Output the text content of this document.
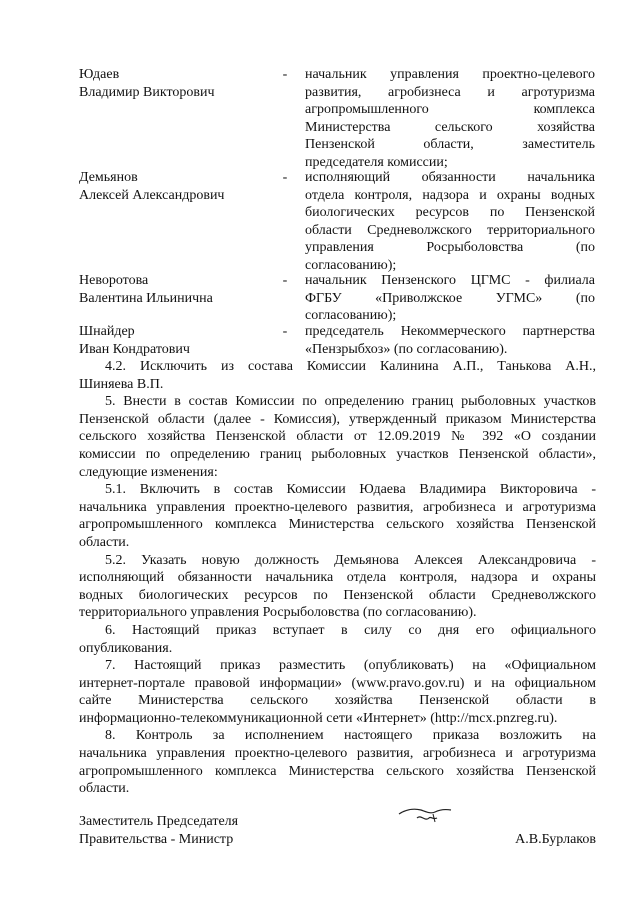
Юдаев
Владимир Викторович
- начальник управления проектно-целевого
развития, агробизнеса и агротуризма
агропромышленного комплекса
Министерства сельского хозяйства
Пензенской области, заместитель
председателя комиссии;
Демьянов
Алексей Александрович
- исполняющий обязанности начальника
отдела контроля, надзора и охраны водных
биологических ресурсов по Пензенской
области Средневолжского территориального
управления Росрыболовства (по
согласованию);
Неворотова
Валентина Ильинична
- начальник Пензенского ЦГМС - филиала
ФГБУ «Приволжское УГМС» (по
согласованию);
Шнайдер
Иван Кондратович
- председатель Некоммерческого партнерства
«Пензрыбхоз» (по согласованию).

4.2. Исключить из состава Комиссии Калинина А.П., Танькова А.Н.,
Шиняева В.П.

5. Внести в состав Комиссии по определению границ рыболовных участков
Пензенской области (далее - Комиссия), утвержденный приказом Министерства
сельского хозяйства Пензенской области от 12.09.2019 № 392 «О создании
комиссии по определению границ рыболовных участков Пензенской области»,
следующие изменения:

5.1. Включить в состав Комиссии Юдаева Владимира Викторовича -
начальника управления проектно-целевого развития, агробизнеса и агротуризма
агропромышленного комплекса Министерства сельского хозяйства Пензенской
области.

5.2. Указать новую должность Демьянова Алексея Александровича -
исполняющий обязанности начальника отдела контроля, надзора и охраны
водных биологических ресурсов по Пензенской области Средневолжского
территориального управления Росрыболовства (по согласованию).

6. Настоящий приказ вступает в силу со дня его официального
опубликования.

7. Настоящий приказ разместить (опубликовать) на «Официальном
интернет-портале правовой информации» (www.pravo.gov.ru) и на официальном
сайте Министерства сельского хозяйства Пензенской области в
информационно-телекоммуникационной сети «Интернет» (http://mcx.pnzreg.ru).

8. Контроль за исполнением настоящего приказа возложить на
начальника управления проектно-целевого развития, агробизнеса и агротуризма
агропромышленного комплекса Министерства сельского хозяйства Пензенской
области.

Заместитель Председателя
Правительства - Министр	А.В.Бурлаков
